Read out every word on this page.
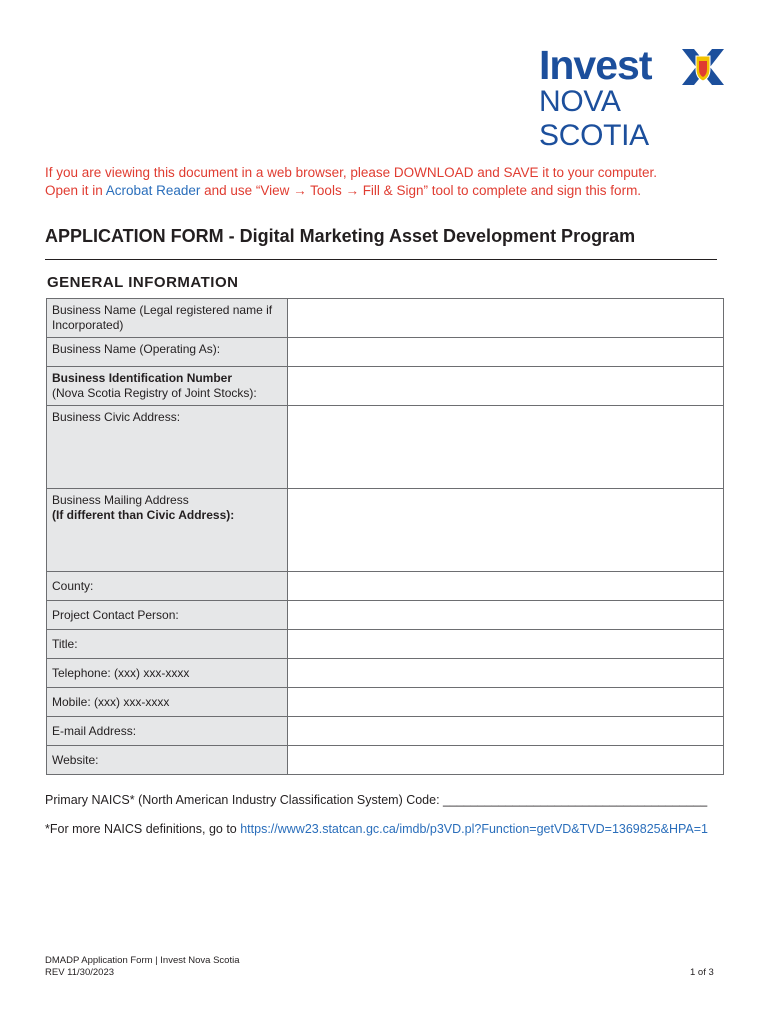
Invest
NOVA SCOTIA
If you are viewing this document in a web browser, please DOWNLOAD and SAVE it to your computer.
Open it in Acrobat Reader and use “View → Tools → Fill & Sign” tool to complete and sign this form.
APPLICATION FORM - Digital Marketing Asset Development Program
GENERAL INFORMATION
Business Name (Legal registered name if Incorporated)	
Business Name (Operating As):	

Business Identification Number
(Nova Scotia Registry of Joint Stocks):	

Business Civic Address:	

Business Mailing Address
(If different than Civic Address):	

County:	
Project Contact Person:	
Title:	
Telephone: (xxx) xxx-xxxx	
Mobile: (xxx) xxx-xxxx	
E-mail Address:	
Website:	
Primary NAICS* (North American Industry Classification System) Code: ______________________________________
*For more NAICS definitions, go to https://www23.statcan.gc.ca/imdb/p3VD.pl?Function=getVD&TVD=1369825&HPA=1
DMADP Application Form | Invest Nova Scotia
REV 11/30/2023	1 of 3
